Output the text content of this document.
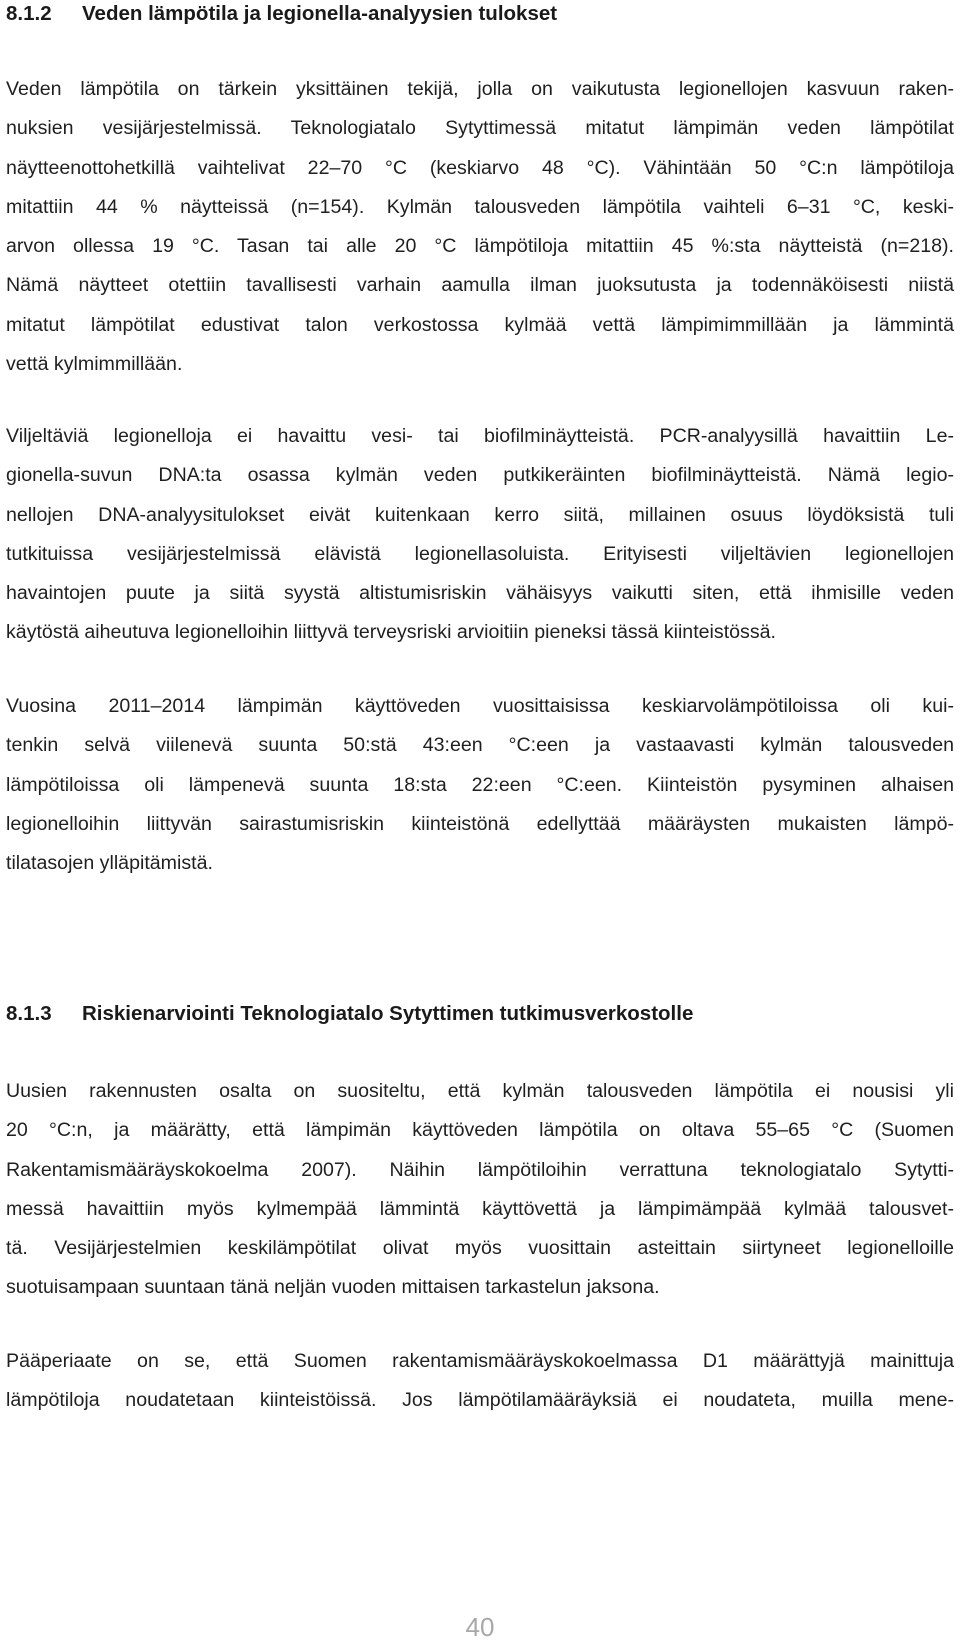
8.1.2 Veden lämpötila ja legionella-analyysien tulokset
Veden lämpötila on tärkein yksittäinen tekijä, jolla on vaikutusta legionellojen kasvuun raken-
nuksien vesijärjestelmissä. Teknologiatalo Sytyttimessä mitatut lämpimän veden lämpötilat
näytteenottohetkillä vaihtelivat 22–70 °C (keskiarvo 48 °C). Vähintään 50 °C:n lämpötiloja
mitattiin 44 % näytteissä (n=154). Kylmän talousveden lämpötila vaihteli 6–31 °C, keski-
arvon ollessa 19 °C. Tasan tai alle 20 °C lämpötiloja mitattiin 45 %:sta näytteistä (n=218).
Nämä näytteet otettiin tavallisesti varhain aamulla ilman juoksutusta ja todennäköisesti niistä
mitatut lämpötilat edustivat talon verkostossa kylmää vettä lämpimimmillään ja lämmintä
vettä kylmimmillään.
Viljeltäviä legionelloja ei havaittu vesi- tai biofilminäytteistä. PCR-analyysillä havaittiin Le-
gionella-suvun DNA:ta osassa kylmän veden putkikeräinten biofilminäytteistä. Nämä legio-
nellojen DNA-analyysitulokset eivät kuitenkaan kerro siitä, millainen osuus löydöksistä tuli
tutkituissa vesijärjestelmissä elävistä legionellasoluista. Erityisesti viljeltävien legionellojen
havaintojen puute ja siitä syystä altistumisriskin vähäisyys vaikutti siten, että ihmisille veden
käytöstä aiheutuva legionelloihin liittyvä terveysriski arvioitiin pieneksi tässä kiinteistössä.
Vuosina 2011–2014 lämpimän käyttöveden vuosittaisissa keskiarvolämpötiloissa oli kui-
tenkin selvä viilenevä suunta 50:stä 43:een °C:een ja vastaavasti kylmän talousveden
lämpötiloissa oli lämpenevä suunta 18:sta 22:een °C:een. Kiinteistön pysyminen alhaisen
legionelloihin liittyvän sairastumisriskin kiinteistönä edellyttää määräysten mukaisten lämpö-
tilatasojen ylläpitämistä.
8.1.3 Riskienarviointi Teknologiatalo Sytyttimen tutkimusverkostolle
Uusien rakennusten osalta on suositeltu, että kylmän talousveden lämpötila ei nousisi yli
20 °C:n, ja määrätty, että lämpimän käyttöveden lämpötila on oltava 55–65 °C (Suomen
Rakentamismääräyskokoelma 2007). Näihin lämpötiloihin verrattuna teknologiatalo Sytytti-
messä havaittiin myös kylmempää lämmintä käyttövettä ja lämpimämpää kylmää talousvet-
tä. Vesijärjestelmien keskilämpötilat olivat myös vuosittain asteittain siirtyneet legionelloille
suotuisampaan suuntaan tänä neljän vuoden mittaisen tarkastelun jaksona.
Pääperiaate on se, että Suomen rakentamismääräyskokoelmassa D1 määrättyjä mainittuja
lämpötiloja noudatetaan kiinteistöissä. Jos lämpötilamääräyksiä ei noudateta, muilla mene-
40
